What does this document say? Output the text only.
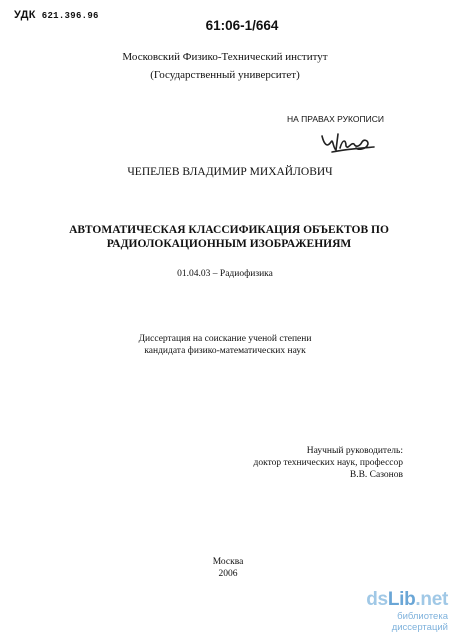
УДК 621.396.96
61:06-1/664
Московский Физико-Технический институт
(Государственный университет)
НА ПРАВАХ РУКОПИСИ
ЧЕПЕЛЕВ ВЛАДИМИР МИХАЙЛОВИЧ
АВТОМАТИЧЕСКАЯ КЛАССИФИКАЦИЯ ОБЪЕКТОВ ПО
РАДИОЛОКАЦИОННЫМ ИЗОБРАЖЕНИЯМ
01.04.03 – Радиофизика
Диссертация на соискание ученой степени
кандидата физико-математических наук
Научный руководитель:
доктор технических наук, профессор
В.В. Сазонов
Москва
2006
dsLib.net
библиотека диссертаций
